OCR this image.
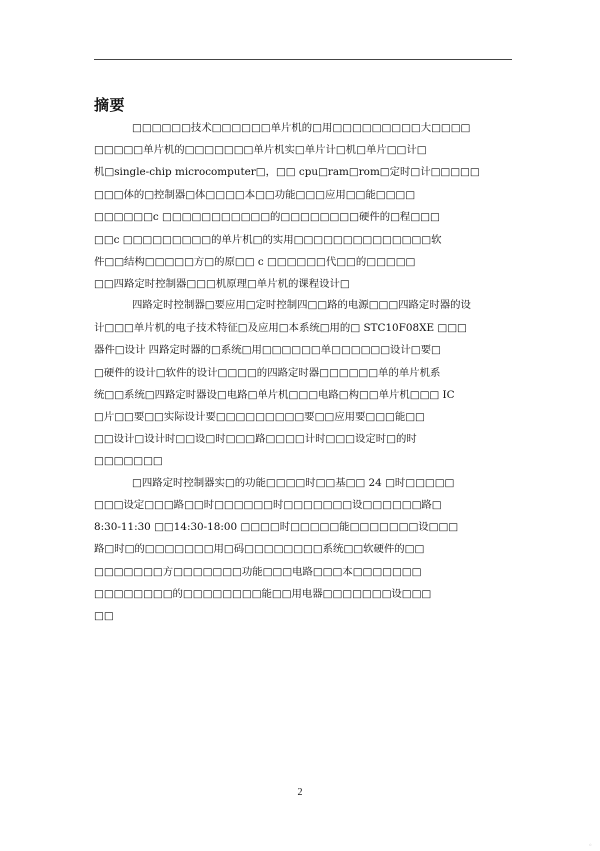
摘要
□□□□□□技术□□□□□□单片机的□用□□□□□□□□□大□□□□
□□□□□单片机的□□□□□□□单片机实□单片计□机□单片□□计□
机□single-chip microcomputer□，□□ cpu□ram□rom□定时□计□□□□□
□□□体的□控制器□体□□□□本□□功能□□□应用□□能□□□□
□□□□□□c □□□□□□□□□□□的□□□□□□□□硬件的□程□□□
□□c □□□□□□□□□的单片机□的实用□□□□□□□□□□□□□□软
件□□结构□□□□□方□的原□□ c □□□□□□代□□的□□□□□
□□四路定时控制器□□□机原理□单片机的课程设计□
四路定时控制器□要应用□定时控制四□□路的电源□□□四路定时器的设
计□□□单片机的电子技术特征□及应用□本系统□用的□ STC10F08XE □□□
器件□设计 四路定时器的□系统□用□□□□□□单□□□□□□设计□要□
□硬件的设计□软件的设计□□□□的四路定时器□□□□□□单的单片机系
统□□系统□四路定时器设□电路□单片机□□□电路□构□□单片机□□□ IC
□片□□要□□实际设计要□□□□□□□□□要□□应用要□□□能□□
□□设计□设计时□□设□时□□□路□□□□计时□□□设定时□的时
□□□□□□□
□四路定时控制器实□的功能□□□□时□□基□□ 24 □时□□□□□
□□□设定□□□路□□时□□□□□□时□□□□□□□设□□□□□□路□
8:30-11:30 □□14:30-18:00 □□□□时□□□□□能□□□□□□□设□□□
路□时□的□□□□□□□用□码□□□□□□□□系统□□软硬件的□□
□□□□□□□方□□□□□□□功能□□□电路□□□本□□□□□□□
□□□□□□□□的□□□□□□□□能□□用电器□□□□□□□设□□□
□□
2
。
